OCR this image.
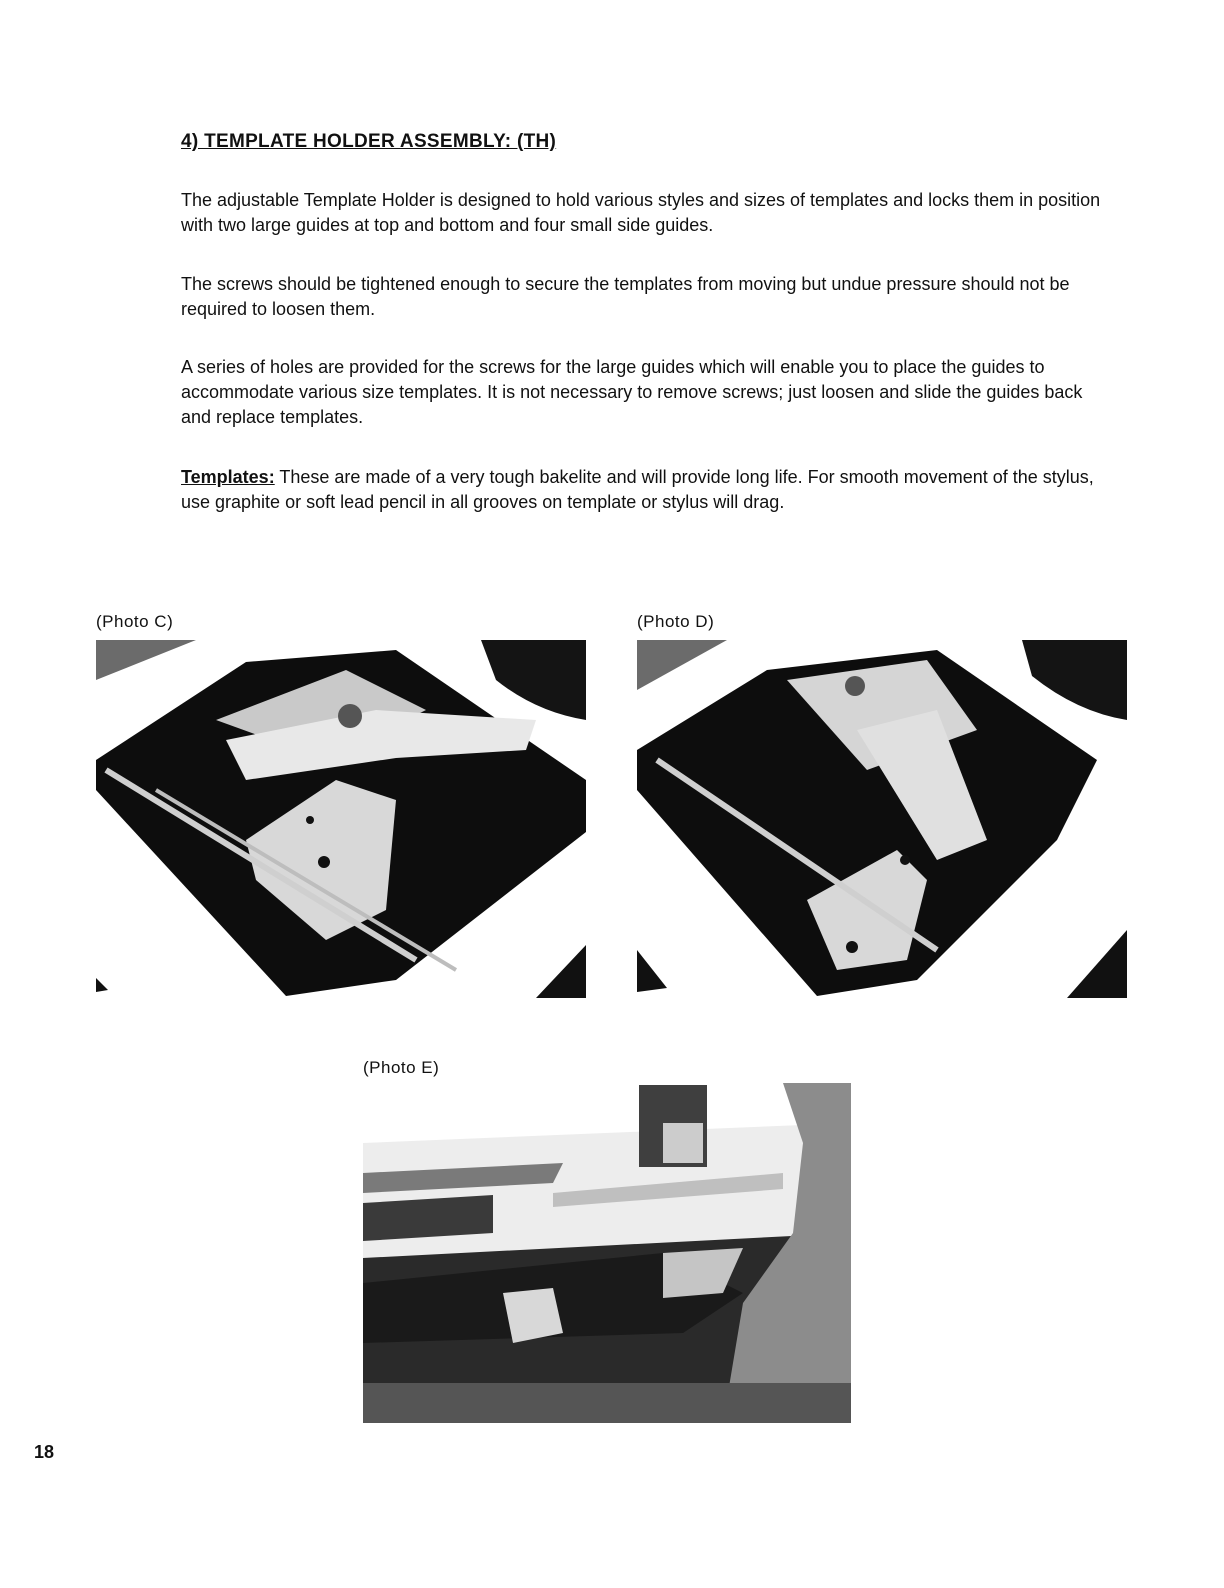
4) TEMPLATE HOLDER ASSEMBLY: (TH)

The adjustable Template Holder is designed to hold various styles and sizes of templates and locks them in position with two large guides at top and bottom and four small side guides.

The screws should be tightened enough to secure the templates from moving but undue pressure should not be required to loosen them.

A series of holes are provided for the screws for the large guides which will enable you to place the guides to accommodate various size templates. It is not necessary to remove screws; just loosen and slide the guides back and replace templates.

Templates: These are made of a very tough bakelite and will provide long life. For smooth movement of the stylus, use graphite or soft lead pencil in all grooves on template or stylus will drag.

(Photo C)	(Photo D)
(Photo E)
18
